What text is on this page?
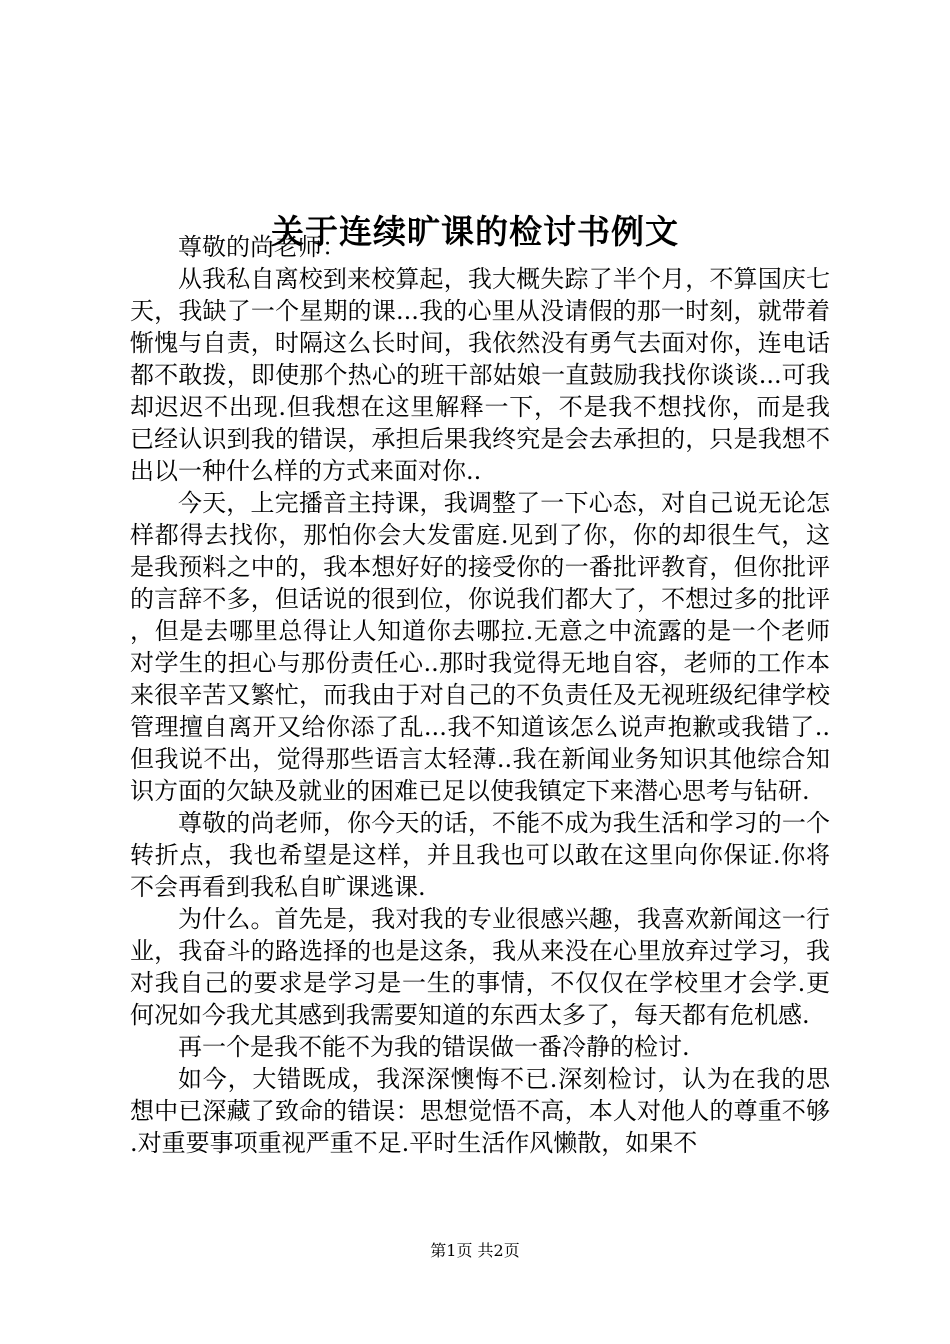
关于连续旷课的检讨书例文

尊敬的尚老师：

从我私自离校到来校算起，我大概失踪了半个月，不算国庆七天，我缺了一个星期的课...我的心里从没请假的那一时刻，就带着惭愧与自责，时隔这么长时间，我依然没有勇气去面对你，连电话都不敢拨，即使那个热心的班干部姑娘一直鼓励我找你谈谈...可我却迟迟不出现.但我想在这里解释一下，不是我不想找你，而是我已经认识到我的错误，承担后果我终究是会去承担的，只是我想不出以一种什么样的方式来面对你..

今天，上完播音主持课，我调整了一下心态，对自己说无论怎样都得去找你，那怕你会大发雷庭.见到了你，你的却很生气，这是我预料之中的，我本想好好的接受你的一番批评教育，但你批评的言辞不多，但话说的很到位，你说我们都大了，不想过多的批评，但是去哪里总得让人知道你去哪拉.无意之中流露的是一个老师对学生的担心与那份责任心..那时我觉得无地自容，老师的工作本来很辛苦又繁忙，而我由于对自己的不负责任及无视班级纪律学校管理擅自离开又给你添了乱...我不知道该怎么说声抱歉或我错了..但我说不出，觉得那些语言太轻薄..我在新闻业务知识其他综合知识方面的欠缺及就业的困难已足以使我镇定下来潜心思考与钻研.

尊敬的尚老师，你今天的话，不能不成为我生活和学习的一个转折点，我也希望是这样，并且我也可以敢在这里向你保证.你将不会再看到我私自旷课逃课.

为什么。首先是，我对我的专业很感兴趣，我喜欢新闻这一行业，我奋斗的路选择的也是这条，我从来没在心里放弃过学习，我对我自己的要求是学习是一生的事情，不仅仅在学校里才会学.更何况如今我尤其感到我需要知道的东西太多了，每天都有危机感.

再一个是我不能不为我的错误做一番冷静的检讨.

如今，大错既成，我深深懊悔不已.深刻检讨，认为在我的思想中已深藏了致命的错误：思想觉悟不高，本人对他人的尊重不够.对重要事项重视严重不足.平时生活作风懒散，如果不

第1页 共2页
